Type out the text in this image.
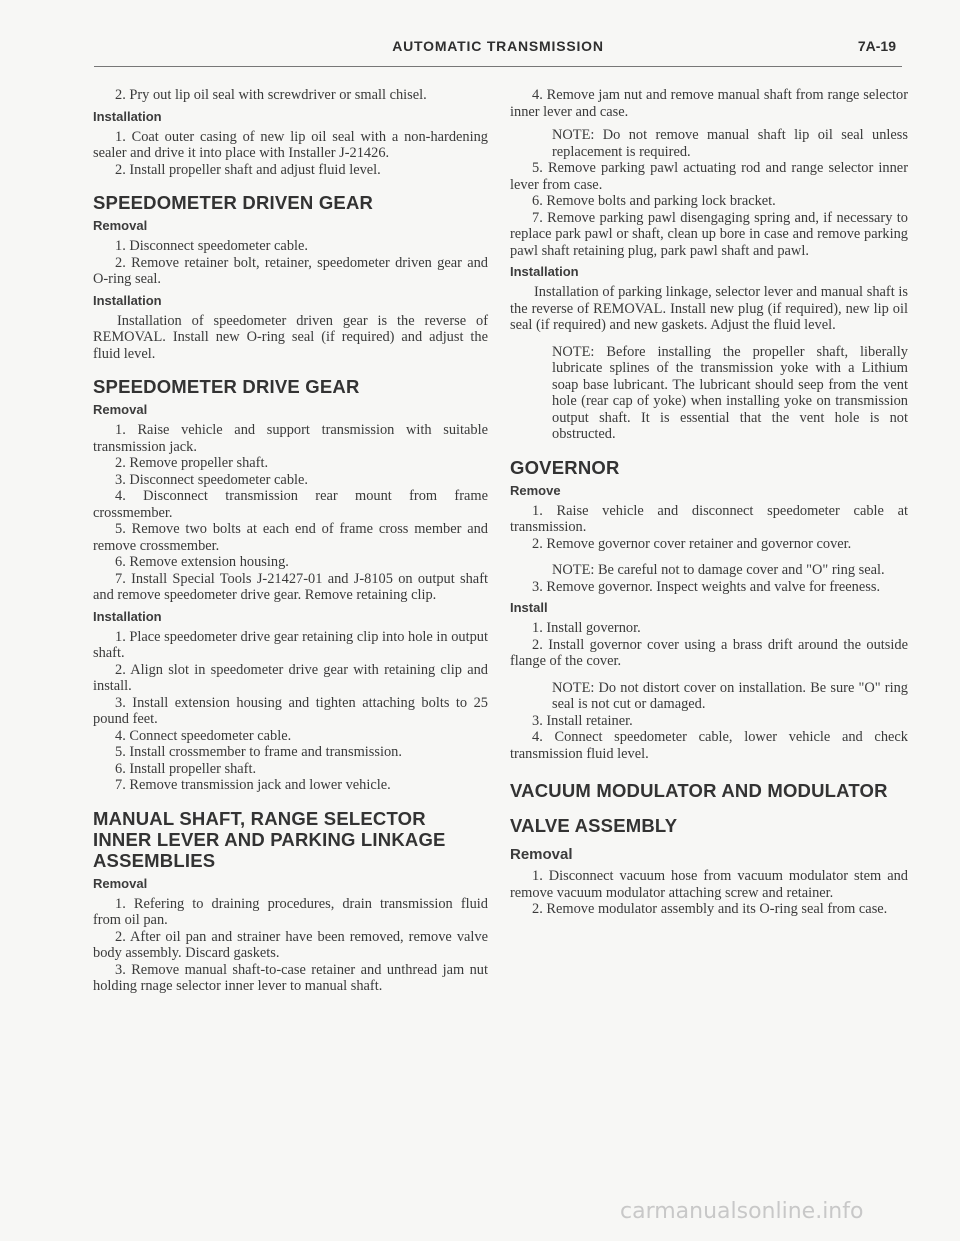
AUTOMATIC TRANSMISSION	7A-19

2. Pry out lip oil seal with screwdriver or small chisel.

Installation

1. Coat outer casing of new lip oil seal with a non-hardening sealer and drive it into place with Installer J-21426.

2. Install propeller shaft and adjust fluid level.

SPEEDOMETER DRIVEN GEAR

Removal

1. Disconnect speedometer cable.

2. Remove retainer bolt, retainer, speedometer driven gear and O-ring seal.

Installation

Installation of speedometer driven gear is the reverse of REMOVAL. Install new O-ring seal (if required) and adjust the fluid level.

SPEEDOMETER DRIVE GEAR

Removal

1. Raise vehicle and support transmission with suitable transmission jack.

2. Remove propeller shaft.

3. Disconnect speedometer cable.

4. Disconnect transmission rear mount from frame crossmember.

5. Remove two bolts at each end of frame cross member and remove crossmember.

6. Remove extension housing.

7. Install Special Tools J-21427-01 and J-8105 on output shaft and remove speedometer drive gear. Remove retaining clip.

Installation

1. Place speedometer drive gear retaining clip into hole in output shaft.

2. Align slot in speedometer drive gear with retaining clip and install.

3. Install extension housing and tighten attaching bolts to 25 pound feet.

4. Connect speedometer cable.

5. Install crossmember to frame and transmission.

6. Install propeller shaft.

7. Remove transmission jack and lower vehicle.

MANUAL SHAFT, RANGE SELECTOR INNER LEVER AND PARKING LINKAGE ASSEMBLIES

Removal

1. Refering to draining procedures, drain transmission fluid from oil pan.

2. After oil pan and strainer have been removed, remove valve body assembly. Discard gaskets.

3. Remove manual shaft-to-case retainer and unthread jam nut holding rnage selector inner lever to manual shaft.

4. Remove jam nut and remove manual shaft from range selector inner lever and case.

NOTE: Do not remove manual shaft lip oil seal unless replacement is required.

5. Remove parking pawl actuating rod and range selector inner lever from case.

6. Remove bolts and parking lock bracket.

7. Remove parking pawl disengaging spring and, if necessary to replace park pawl or shaft, clean up bore in case and remove parking pawl shaft retaining plug, park pawl shaft and pawl.

Installation

Installation of parking linkage, selector lever and manual shaft is the reverse of REMOVAL. Install new plug (if required), new lip oil seal (if required) and new gaskets. Adjust the fluid level.

NOTE: Before installing the propeller shaft, liberally lubricate splines of the transmission yoke with a Lithium soap base lubricant. The lubricant should seep from the vent hole (rear cap of yoke) when installing yoke on transmission output shaft. It is essential that the vent hole is not obstructed.

GOVERNOR

Remove

1. Raise vehicle and disconnect speedometer cable at transmission.

2. Remove governor cover retainer and governor cover.

NOTE: Be careful not to damage cover and "O" ring seal.

3. Remove governor. Inspect weights and valve for freeness.

Install

1. Install governor.

2. Install governor cover using a brass drift around the outside flange of the cover.

NOTE: Do not distort cover on installation. Be sure "O" ring seal is not cut or damaged.

3. Install retainer.

4. Connect speedometer cable, lower vehicle and check transmission fluid level.

VACUUM MODULATOR AND MODULATOR

VALVE ASSEMBLY

Removal

1. Disconnect vacuum hose from vacuum modulator stem and remove vacuum modulator attaching screw and retainer.

2. Remove modulator assembly and its O-ring seal from case.

carmanualsonline.info
